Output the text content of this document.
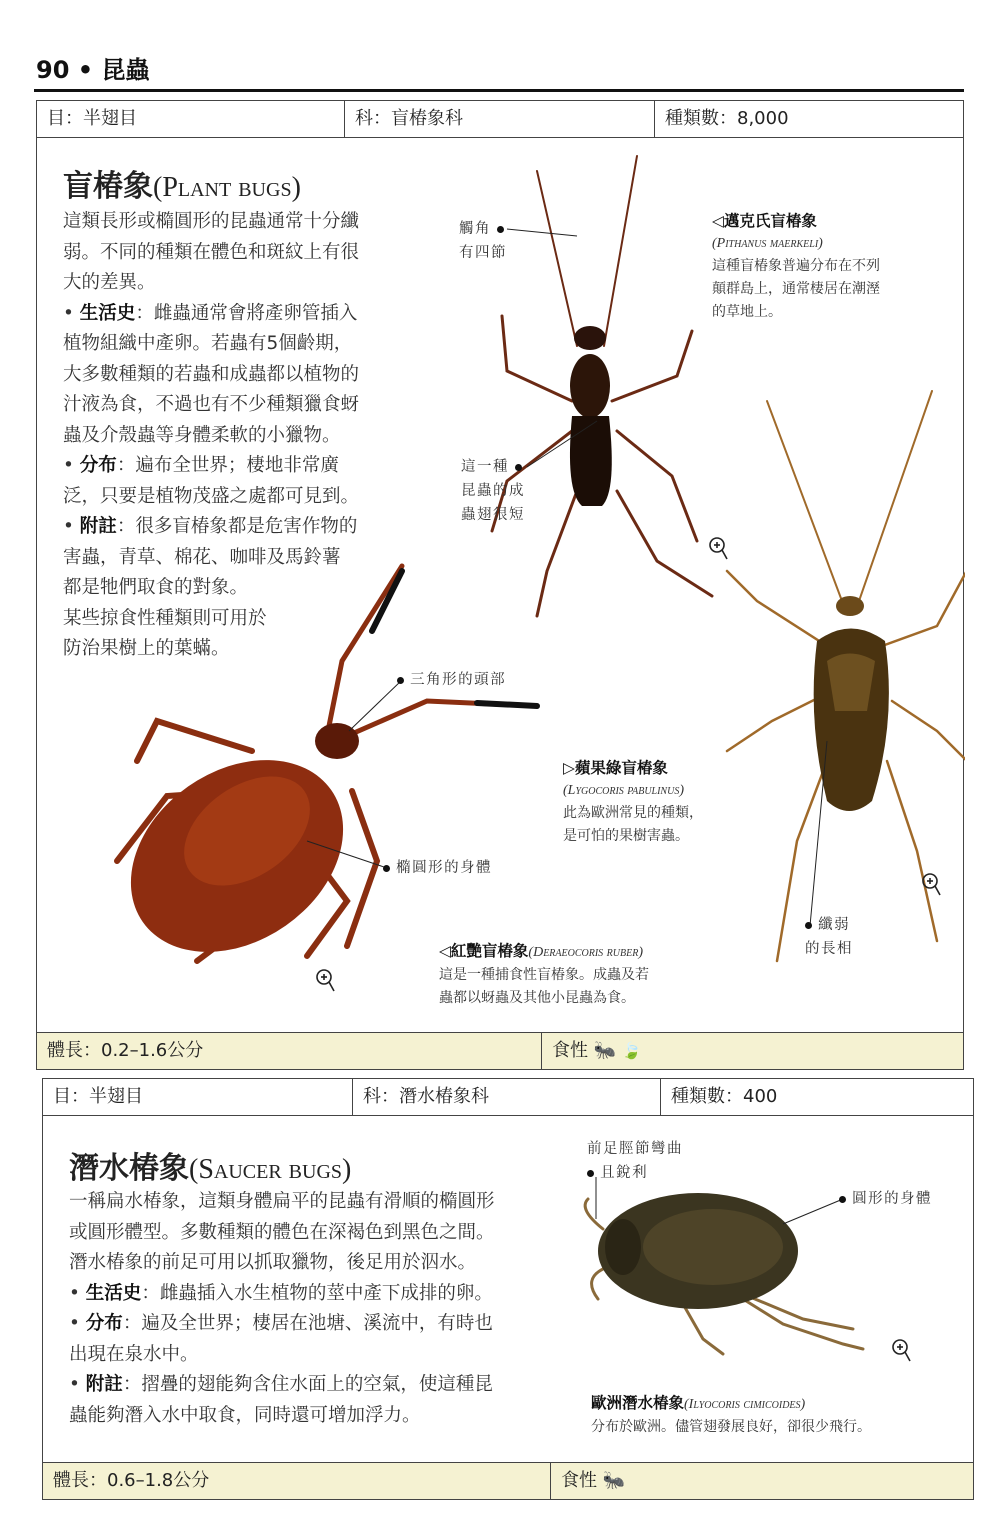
90 • 昆蟲
目：半翅目	科：盲椿象科	種類數：8,000
盲椿象(Plant bugs)
這類長形或橢圓形的昆蟲通常十分纖
弱。不同的種類在體色和斑紋上有很
大的差異。
• 生活史：雌蟲通常會將產卵管插入
植物組織中產卵。若蟲有5個齡期，
大多數種類的若蟲和成蟲都以植物的
汁液為食，不過也有不少種類獵食蚜
蟲及介殼蟲等身體柔軟的小獵物。
• 分布：遍布全世界；棲地非常廣
泛，只要是植物茂盛之處都可見到。
• 附註：很多盲椿象都是危害作物的
害蟲，青草、棉花、咖啡及馬鈴薯
都是牠們取食的對象。
某些掠食性種類則可用於
防治果樹上的葉蟎。
觸角
有四節
這一種
昆蟲的成
蟲翅很短
三角形的頭部
橢圓形的身體
纖弱
的長相
◁邁克氏盲椿象
(Pithanus maerkeli)
這種盲椿象普遍分布在不列
顛群島上，通常棲居在潮溼
的草地上。
▷蘋果綠盲椿象
(Lygocoris pabulinus)
此為歐洲常見的種類，
是可怕的果樹害蟲。
◁紅艷盲椿象(Deraeocoris ruber)
這是一種捕食性盲椿象。成蟲及若
蟲都以蚜蟲及其他小昆蟲為食。
體長：0.2–1.6公分	食性 🐜 🍃
目：半翅目	科：潛水椿象科	種類數：400
潛水椿象(Saucer bugs)
一稱扁水椿象，這類身體扁平的昆蟲有滑順的橢圓形
或圓形體型。多數種類的體色在深褐色到黑色之間。
潛水椿象的前足可用以抓取獵物，後足用於泅水。
• 生活史：雌蟲插入水生植物的莖中產下成排的卵。
• 分布：遍及全世界；棲居在池塘、溪流中，有時也
出現在泉水中。
• 附註：摺疊的翅能夠含住水面上的空氣，使這種昆
蟲能夠潛入水中取食，同時還可增加浮力。
前足脛節彎曲
且銳利
圓形的身體
歐洲潛水椿象(Ilyocoris cimicoides)
分布於歐洲。儘管翅發展良好，卻很少飛行。
體長：0.6–1.8公分	食性 🐜
